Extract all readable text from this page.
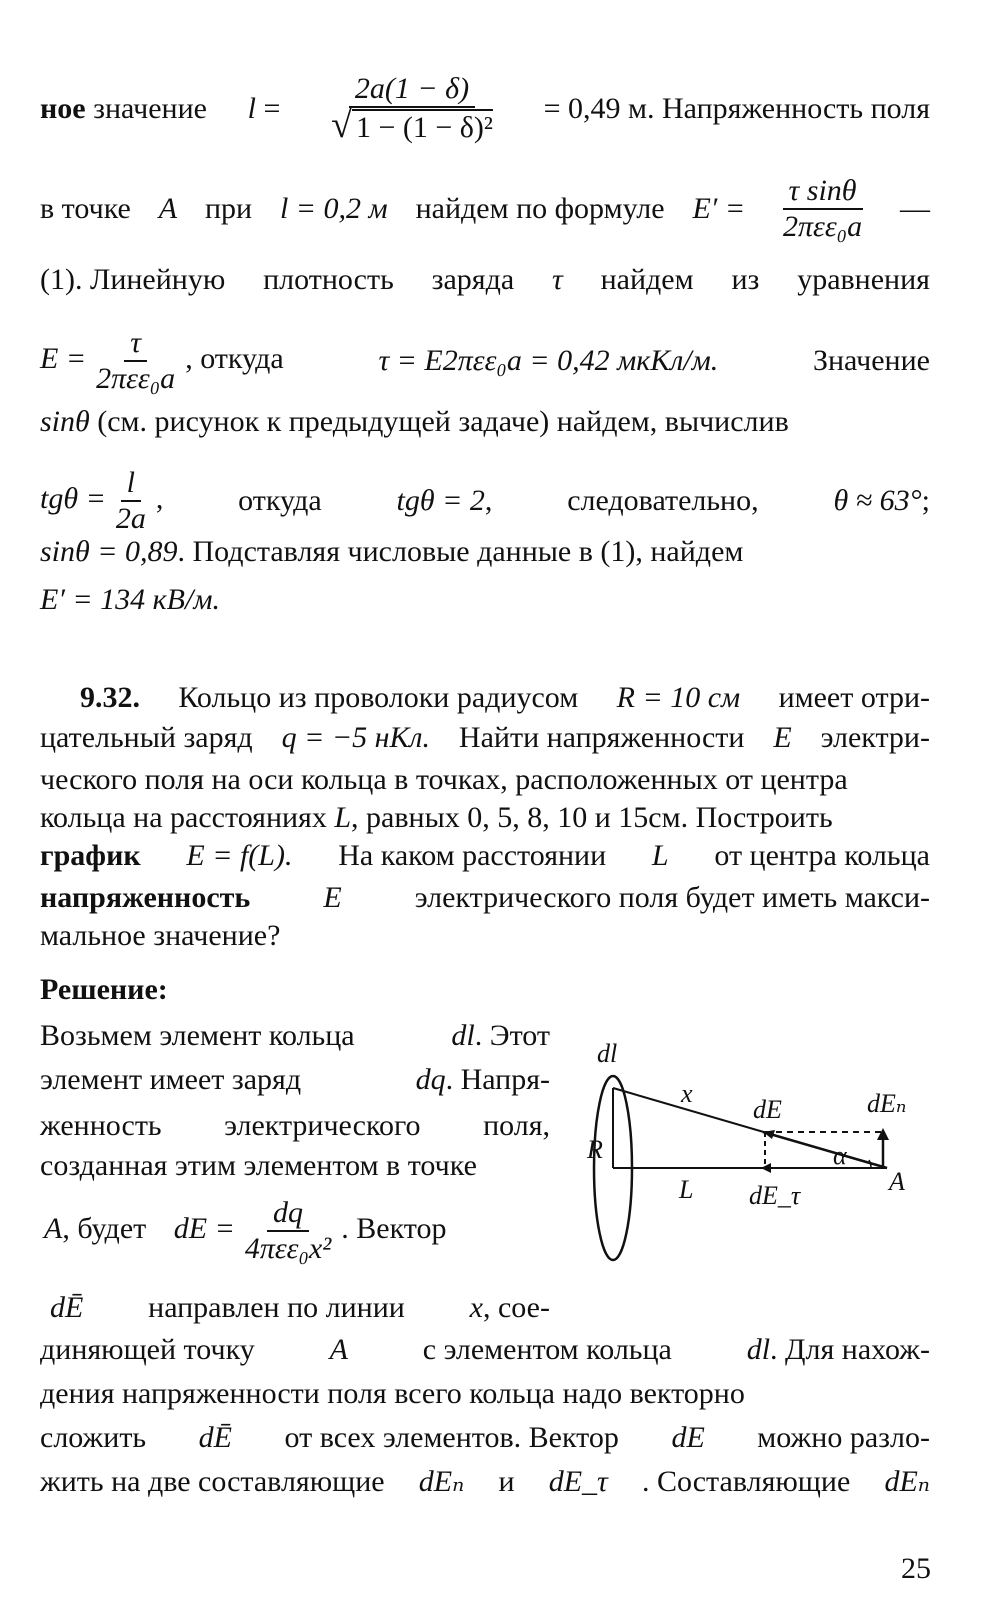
ное значение $l = \frac{2a(1 - \delta)}{\text{√ 1 − (1 − δ)²}} = 0,49$ м. Напряженность поля
в точке A при l = 0,2 м найдем по формуле $E' = \frac{\text{τ sinθ}}{\text{2πεε₀a}}$ —
(1). Линейную плотность заряда τ найдем из уравнения
$E = \frac{\tau}{\text{2πεε₀a}}$ , откуда	τ = E2πεε₀a = 0,42 мкКл/м.	Значение
sinθ (см. рисунок к предыдущей задаче) найдем, вычислив
$tg\theta = \frac{l}{2a}$ , откуда tgθ = 2, следовательно, θ ≈ 63°;
sinθ = 0,89. Подставляя числовые данные в (1), найдем
E′ = 134 кВ/м.
9.32. Кольцо из проволоки радиусом R = 10 см имеет отри-
цательный заряд q = −5 нКл. Найти напряженности E электри-
ческого поля на оси кольца в точках, расположенных от центра
кольца на расстояниях L, равных 0, 5, 8, 10 и 15см. Построить
график E = f(L). На каком расстоянии L от центра кольца
напряженность E электрического поля будет иметь макси-
мальное значение?
Решение:
Возьмем элемент кольца	dl. Этот
элемент имеет заряд	dq. Напря-
женность электрического поля,
созданная этим элементом в точке
A, будет dE = $\frac{dq}{\text{4πεε₀x²}}$ . Вектор
dĒ направлен по линии x, сое-
диняющей точку A с элементом кольца dl. Для нахож-
дения напряженности поля всего кольца надо векторно
сложить dĒ от всех элементов. Вектор dE можно разло-
жить на две составляющие dEₙ и dE_τ . Составляющие dEₙ
dl
x
R
L
dE	dEₙ
dE_τ
α
A
25
